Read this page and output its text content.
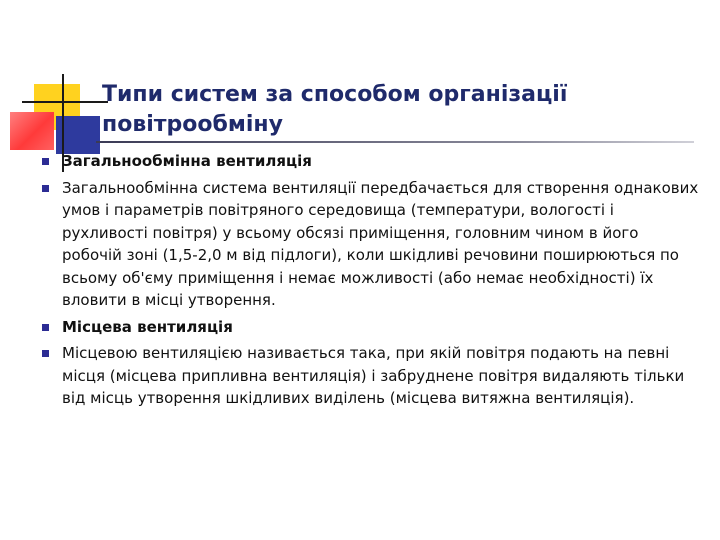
Типи систем за способом організації повітрообміну
Загальнообмінна вентиляція
Загальнообмінна система вентиляції передбачається для створення однакових умов і параметрів повітряного середовища (температури, вологості і рухливості повітря) у всьому обсязі приміщення, головним чином в його робочій зоні (1,5-2,0 м від підлоги), коли шкідливі речовини поширюються по всьому об'єму приміщення і немає можливості (або немає необхідності) їх вловити в місці утворення.
Місцева вентиляція
Місцевою вентиляцією називається така, при якій повітря подають на певні місця (місцева припливна вентиляція) і забруднене повітря видаляють тільки від місць утворення шкідливих виділень (місцева витяжна вентиляція).
